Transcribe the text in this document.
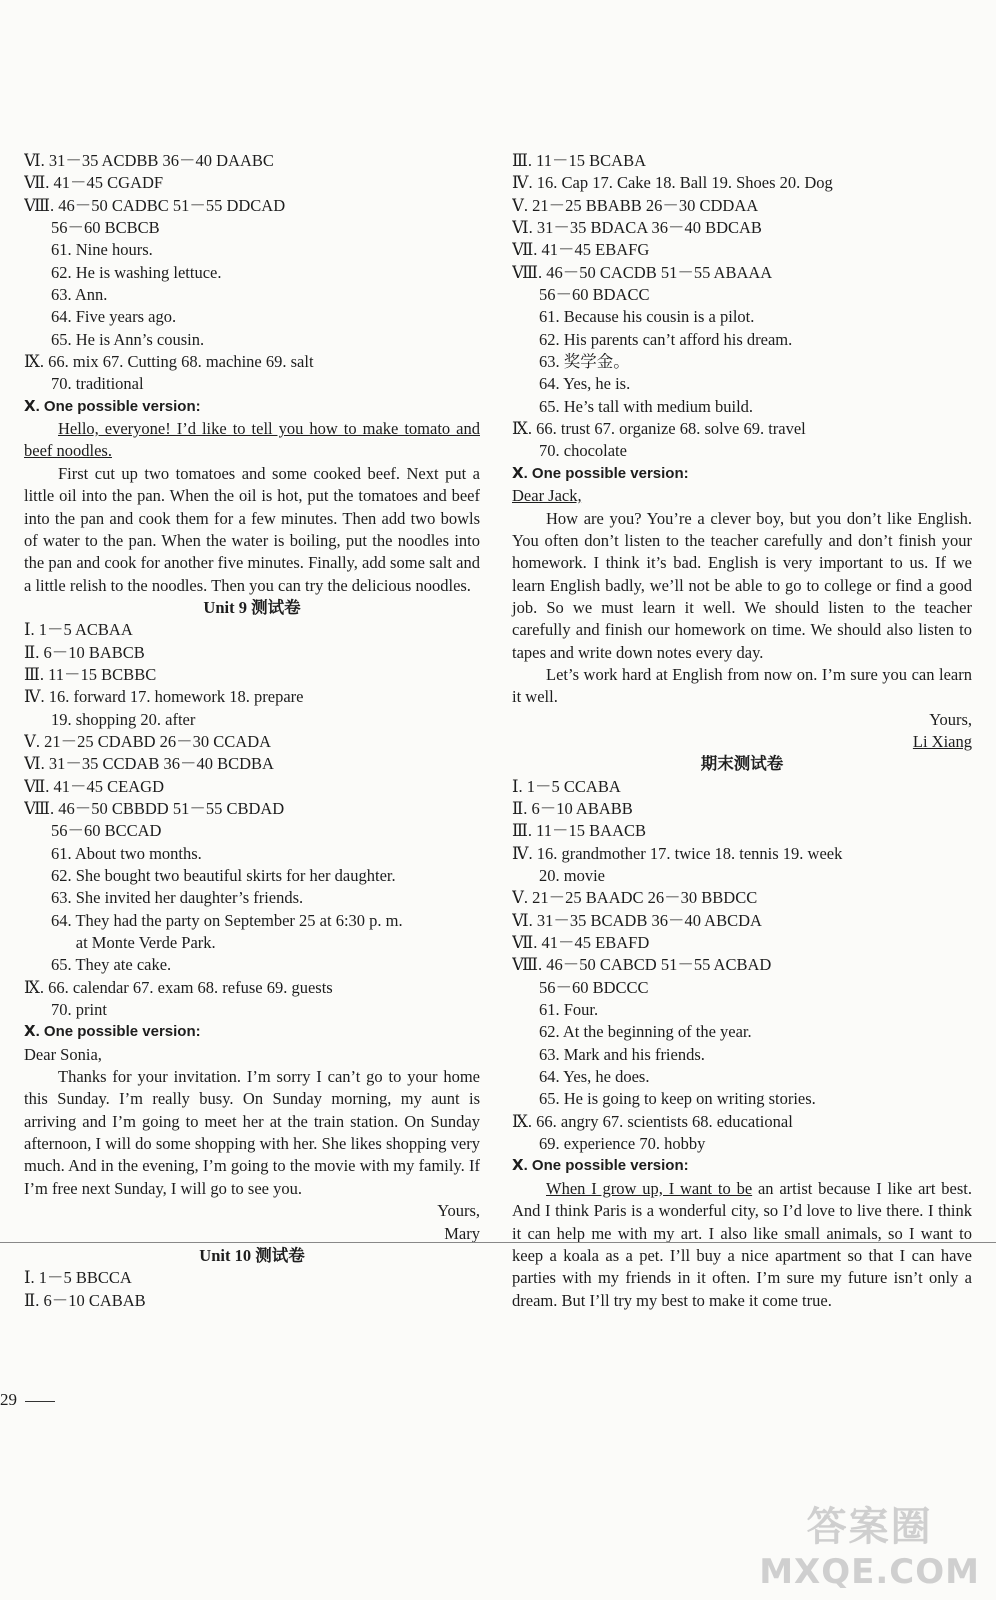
Ⅵ. 31－35 ACDBB 36－40 DAABC
Ⅶ. 41－45 CGADF
Ⅷ. 46－50 CADBC 51－55 DDCAD
56－60 BCBCB
61. Nine hours.
62. He is washing lettuce.
63. Ann.
64. Five years ago.
65. He is Ann’s cousin.
Ⅸ. 66. mix 67. Cutting 68. machine 69. salt
70. traditional
Ⅹ. One possible version:

Hello, everyone! I’d like to tell you how to make tomato and beef noodles.

First cut up two tomatoes and some cooked beef. Next put a little oil into the pan. When the oil is hot, put the tomatoes and beef into the pan and cook them for a few minutes. Then add two bowls of water to the pan. When the water is boiling, put the noodles into the pan and cook for another five minutes. Finally, add some salt and a little relish to the noodles. Then you can try the delicious noodles.

Unit 9 测试卷
Ⅰ. 1－5 ACBAA
Ⅱ. 6－10 BABCB
Ⅲ. 11－15 BCBBC
Ⅳ. 16. forward 17. homework 18. prepare
19. shopping 20. after
Ⅴ. 21－25 CDABD 26－30 CCADA
Ⅵ. 31－35 CCDAB 36－40 BCDBA
Ⅶ. 41－45 CEAGD
Ⅷ. 46－50 CBBDD 51－55 CBDAD
56－60 BCCAD
61. About two months.
62. She bought two beautiful skirts for her daughter.
63. She invited her daughter’s friends.
64. They had the party on September 25 at 6:30 p. m.
at Monte Verde Park.
65. They ate cake.
Ⅸ. 66. calendar 67. exam 68. refuse 69. guests
70. print
Ⅹ. One possible version:
Dear Sonia,

Thanks for your invitation. I’m sorry I can’t go to your home this Sunday. I’m really busy. On Sunday morning, my aunt is arriving and I’m going to meet her at the train station. On Sunday afternoon, I will do some shopping with her. She likes shopping very much. And in the evening, I’m going to the movie with my family. If I’m free next Sunday, I will go to see you.

Yours,
Mary
Unit 10 测试卷
Ⅰ. 1－5 BBCCA
Ⅱ. 6－10 CABAB
Ⅲ. 11－15 BCABA
Ⅳ. 16. Cap 17. Cake 18. Ball 19. Shoes 20. Dog
Ⅴ. 21－25 BBABB 26－30 CDDAA
Ⅵ. 31－35 BDACA 36－40 BDCAB
Ⅶ. 41－45 EBAFG
Ⅷ. 46－50 CACDB 51－55 ABAAA
56－60 BDACC
61. Because his cousin is a pilot.
62. His parents can’t afford his dream.
63. 奖学金。
64. Yes, he is.
65. He’s tall with medium build.
Ⅸ. 66. trust 67. organize 68. solve 69. travel
70. chocolate
Ⅹ. One possible version:
Dear Jack,

How are you? You’re a clever boy, but you don’t like English. You often don’t listen to the teacher carefully and don’t finish your homework. I think it’s bad. English is very important to us. If we learn English badly, we’ll not be able to go to college or find a good job. So we must learn it well. We should listen to the teacher carefully and finish our homework on time. We should also listen to tapes and write down notes every day.

Let’s work hard at English from now on. I’m sure you can learn it well.

Yours,
Li Xiang
期末测试卷
Ⅰ. 1－5 CCABA
Ⅱ. 6－10 ABABB
Ⅲ. 11－15 BAACB
Ⅳ. 16. grandmother 17. twice 18. tennis 19. week
20. movie
Ⅴ. 21－25 BAADC 26－30 BBDCC
Ⅵ. 31－35 BCADB 36－40 ABCDA
Ⅶ. 41－45 EBAFD
Ⅷ. 46－50 CABCD 51－55 ACBAD
56－60 BDCCC
61. Four.
62. At the beginning of the year.
63. Mark and his friends.
64. Yes, he does.
65. He is going to keep on writing stories.
Ⅸ. 66. angry 67. scientists 68. educational
69. experience 70. hobby
Ⅹ. One possible version:

When I grow up, I want to be an artist because I like art best. And I think Paris is a wonderful city, so I’d love to live there. I think it can help me with my art. I also like small animals, so I want to keep a koala as a pet. I’ll buy a nice apartment so that I can have parties with my friends in it often. I’m sure my future isn’t only a dream. But I’ll try my best to make it come true.

29
答案圈
MXQE.COM
